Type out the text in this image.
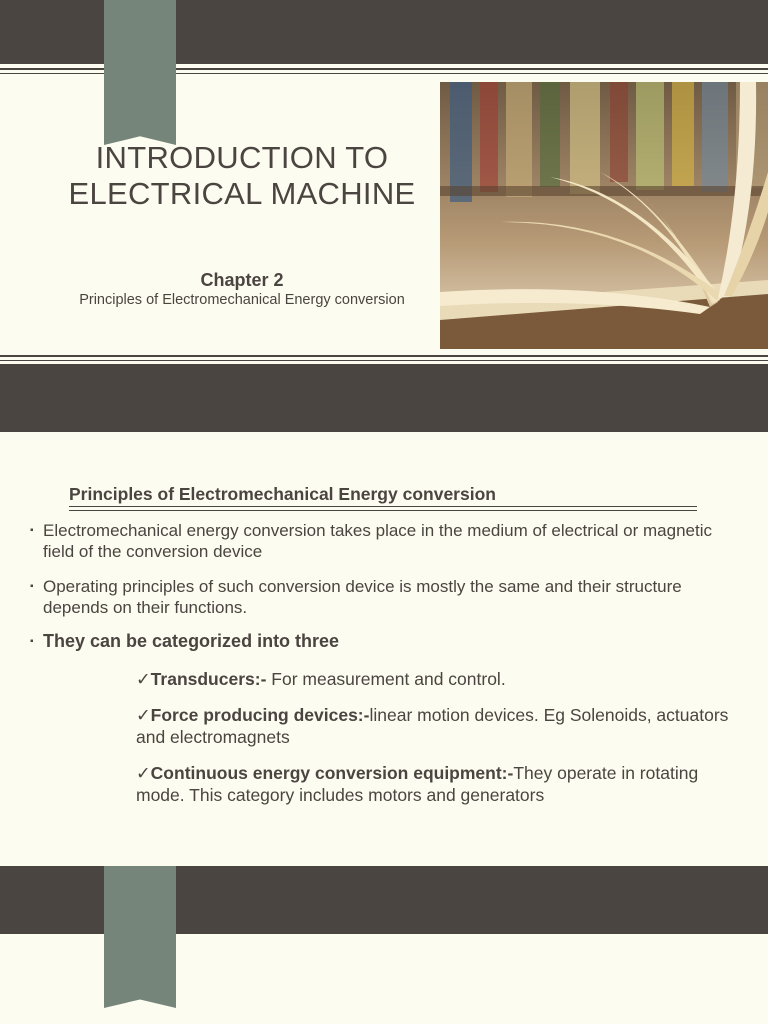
INTRODUCTION TO
ELECTRICAL MACHINE
Chapter 2
Principles of Electromechanical Energy conversion
Principles of Electromechanical Energy conversion
▪ Electromechanical energy conversion takes place in the medium of electrical or magnetic field of the conversion device
▪ Operating principles of such conversion device is mostly the same and their structure depends on their functions.
▪ They can be categorized into three
✓Transducers:- For measurement and control.
✓Force producing devices:-linear motion devices. Eg Solenoids, actuators and electromagnets
✓Continuous energy conversion equipment:-They operate in rotating mode. This category includes motors and generators
